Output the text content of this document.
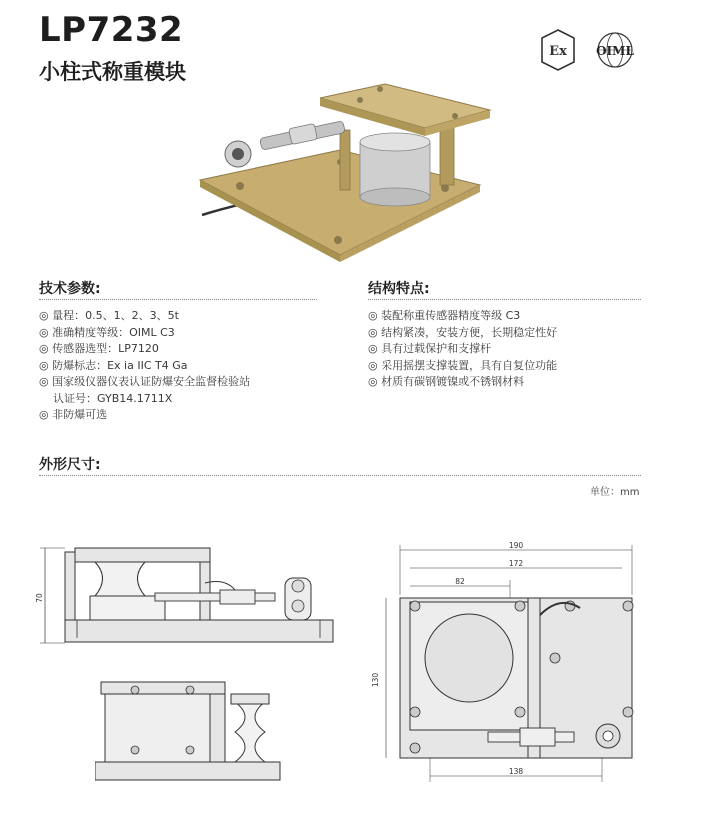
LP7232
小柱式称重模块
Ex OIML
技术参数:
◎ 量程：0.5、1、2、3、5t
◎ 准确精度等级：OIML C3
◎ 传感器选型：LP7120
◎ 防爆标志：Ex ia IIC T4 Ga
◎ 国家级仪器仪表认证防爆安全监督检验站
认证号：GYB14.1711X
◎ 非防爆可选
结构特点:
◎ 装配称重传感器精度等级 C3
◎ 结构紧凑，安装方便，长期稳定性好
◎ 具有过载保护和支撑杆
◎ 采用摇摆支撑装置，具有自复位功能
◎ 材质有碳钢镀镍或不锈钢材料
外形尺寸:
单位：mm
70
190
172
82
130
138
